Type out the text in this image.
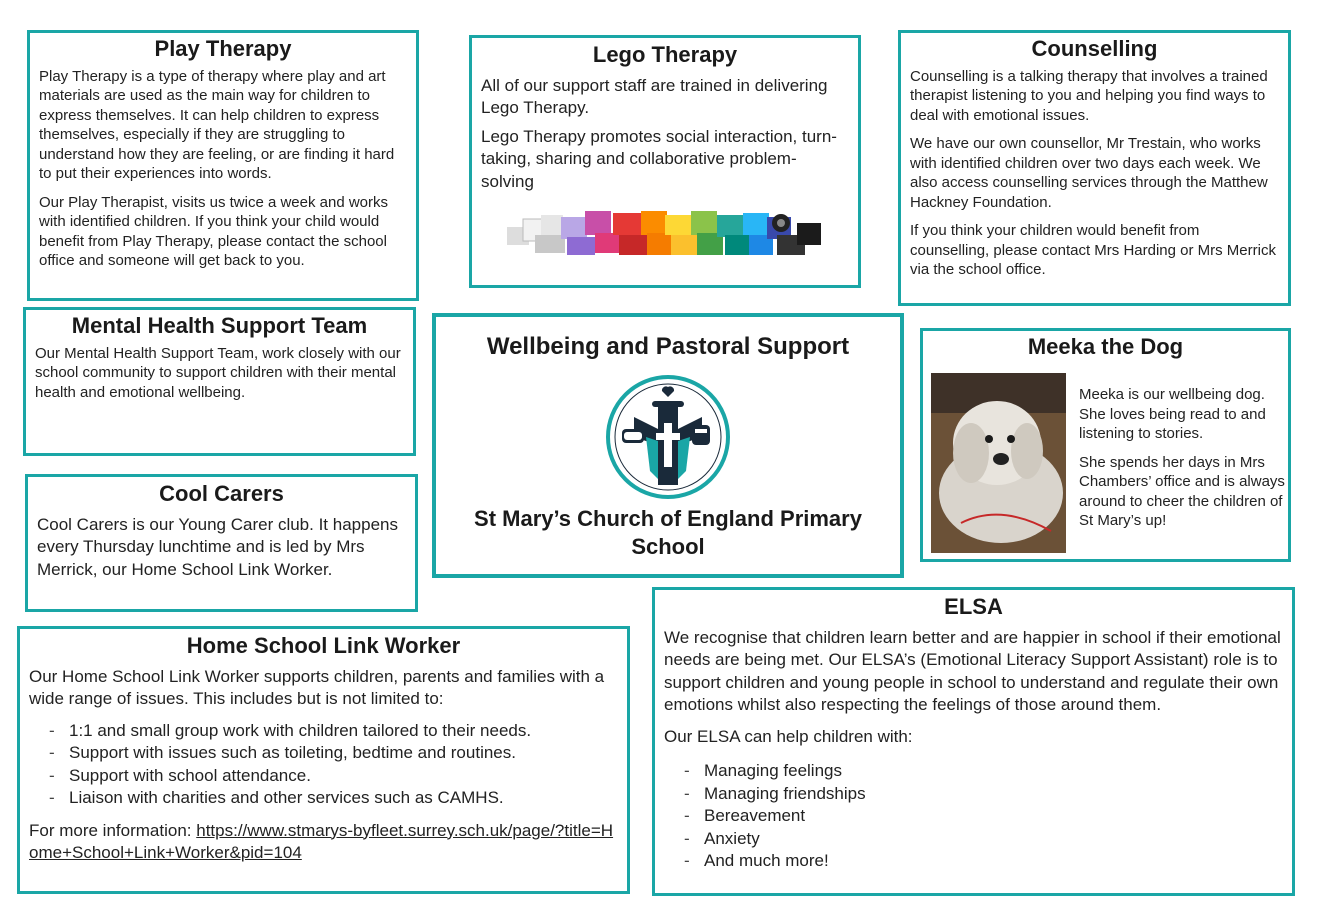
Play Therapy

Play Therapy is a type of therapy where play and art materials are used as the main way for children to express themselves. It can help children to express themselves, especially if they are struggling to understand how they are feeling, or are finding it hard to put their experiences into words.

Our Play Therapist, visits us twice a week and works with identified children. If you think your child would benefit from Play Therapy, please contact the school office and someone will get back to you.

Lego Therapy

All of our support staff are trained in delivering Lego Therapy.

Lego Therapy promotes social interaction, turn-taking, sharing and collaborative problem-solving

Counselling

Counselling is a talking therapy that involves a trained therapist listening to you and helping you find ways to deal with emotional issues.

We have our own counsellor, Mr Trestain, who works with identified children over two days each week. We also access counselling services through the Matthew Hackney Foundation.

If you think your children would benefit from counselling, please contact Mrs Harding or Mrs Merrick via the school office.

Mental Health Support Team

Our Mental Health Support Team, work closely with our school community to support children with their mental health and emotional wellbeing.

Wellbeing and Pastoral Support
St Mary’s Church of England Primary School
Meeka the Dog

Meeka is our wellbeing dog. She loves being read to and listening to stories.

She spends her days in Mrs Chambers’ office and is always around to cheer the children of St Mary’s up!

Cool Carers

Cool Carers is our Young Carer club. It happens every Thursday lunchtime and is led by Mrs Merrick, our Home School Link Worker.

Home School Link Worker

Our Home School Link Worker supports children, parents and families with a wide range of issues. This includes but is not limited to:

- 1:1 and small group work with children tailored to their needs.
- Support with issues such as toileting, bedtime and routines.
- Support with school attendance.
- Liaison with charities and other services such as CAMHS.

For more information: https://www.stmarys-byfleet.surrey.sch.uk/page/?title=Home+School+Link+Worker&pid=104

ELSA

We recognise that children learn better and are happier in school if their emotional needs are being met. Our ELSA’s (Emotional Literacy Support Assistant) role is to support children and young people in school to understand and regulate their own emotions whilst also respecting the feelings of those around them.

Our ELSA can help children with:

- Managing feelings
- Managing friendships
- Bereavement
- Anxiety
- And much more!
